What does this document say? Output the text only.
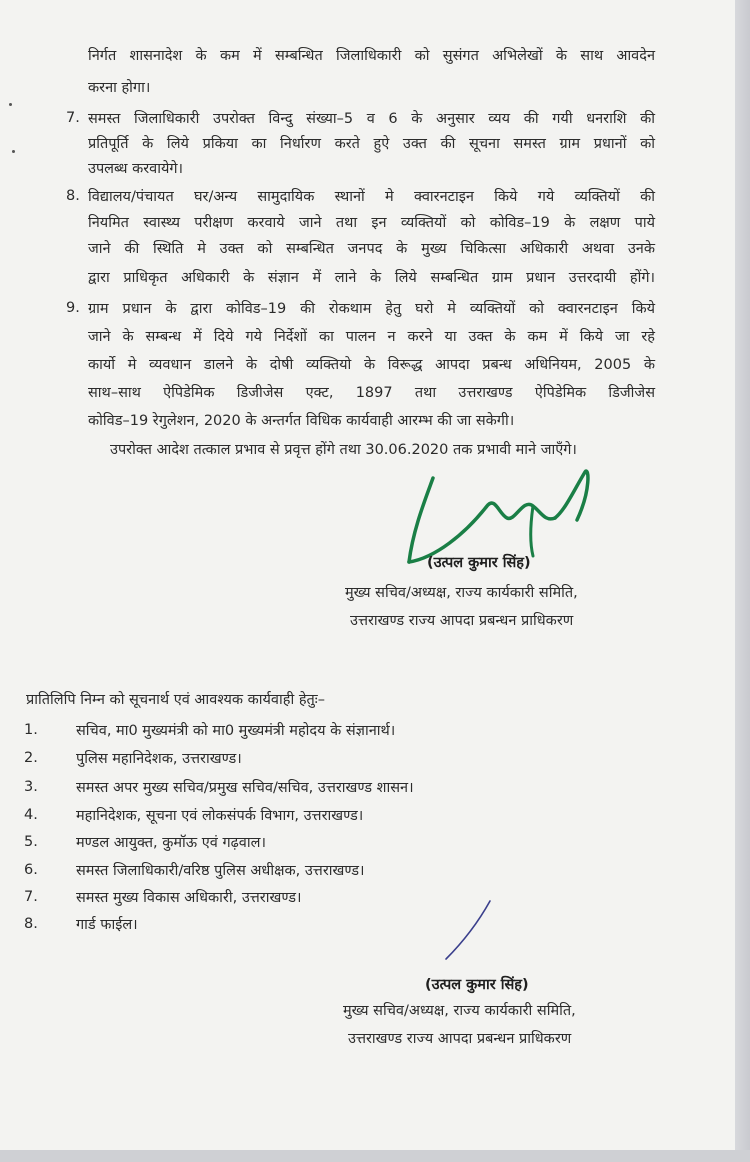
निर्गत शासनादेश के कम में सम्बन्धित जिलाधिकारी को सुसंगत अभिलेखों के साथ आवदेन
करना होगा।
7. समस्त जिलाधिकारी उपरोक्त विन्दु संख्या–5 व 6 के अनुसार व्यय की गयी धनराशि की
प्रतिपूर्ति के लिये प्रकिया का निर्धारण करते हुऐ उक्त की सूचना समस्त ग्राम प्रधानों को
उपलब्ध करवायेगे।
8. विद्यालय/पंचायत घर/अन्य सामुदायिक स्थानों मे क्वारनटाइन किये गये व्यक्तियों की
नियमित स्वास्थ्य परीक्षण करवाये जाने तथा इन व्यक्तियों को कोविड–19 के लक्षण पाये
जाने की स्थिति मे उक्त को सम्बन्धित जनपद के मुख्य चिकित्सा अधिकारी अथवा उनके
द्वारा प्राधिकृत अधिकारी के संज्ञान में लाने के लिये सम्बन्धित ग्राम प्रधान उत्तरदायी होंगे।
9. ग्राम प्रधान के द्वारा कोविड–19 की रोकथाम हेतु घरो मे व्यक्तियों को क्वारनटाइन किये
जाने के सम्बन्ध में दिये गये निर्देशों का पालन न करने या उक्त के कम में किये जा रहे
कार्यो मे व्यवधान डालने के दोषी व्यक्तियो के विरूद्ध आपदा प्रबन्ध अधिनियम, 2005 के
साथ–साथ ऐपिडेमिक डिजीजेस एक्ट, 1897 तथा उत्तराखण्ड ऐपिडेमिक डिजीजेस
कोविड–19 रेगुलेशन, 2020 के अन्तर्गत विधिक कार्यवाही आरम्भ की जा सकेगी।
उपरोक्त आदेश तत्काल प्रभाव से प्रवृत्त होंगे तथा 30.06.2020 तक प्रभावी माने जाएँगे।
(उत्पल कुमार सिंह)
मुख्य सचिव/अध्यक्ष, राज्य कार्यकारी समिति,
उत्तराखण्ड राज्य आपदा प्रबन्धन प्राधिकरण
प्रातिलिपि निम्न को सूचनार्थ एवं आवश्यक कार्यवाही हेतुः–
1.	सचिव, मा0 मुख्यमंत्री को मा0 मुख्यमंत्री महोदय के संज्ञानार्थ।
2.	पुलिस महानिदेशक, उत्तराखण्ड।
3.	समस्त अपर मुख्य सचिव/प्रमुख सचिव/सचिव, उत्तराखण्ड शासन।
4.	महानिदेशक, सूचना एवं लोकसंपर्क विभाग, उत्तराखण्ड।
5.	मण्डल आयुक्त, कुमॉऊ एवं गढ़वाल।
6.	समस्त जिलाधिकारी/वरिष्ठ पुलिस अधीक्षक, उत्तराखण्ड।
7.	समस्त मुख्य विकास अधिकारी, उत्तराखण्ड।
8.	गार्ड फाईल।
(उत्पल कुमार सिंह)
मुख्य सचिव/अध्यक्ष, राज्य कार्यकारी समिति,
उत्तराखण्ड राज्य आपदा प्रबन्धन प्राधिकरण
